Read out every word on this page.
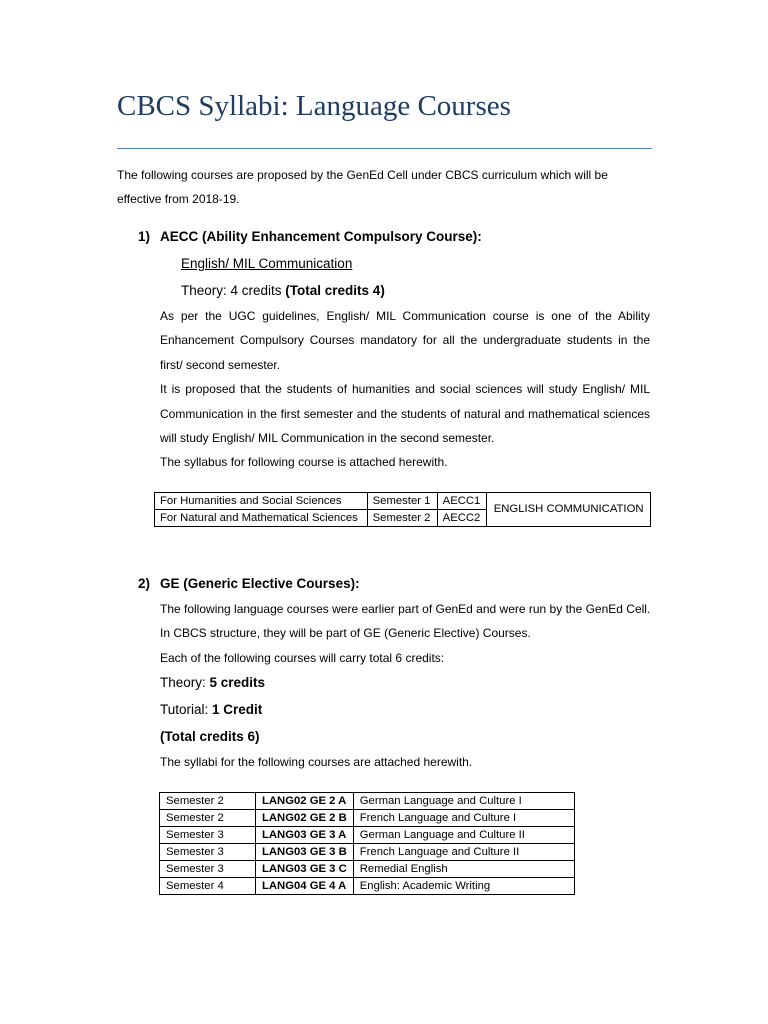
CBCS Syllabi: Language Courses

The following courses are proposed by the GenEd Cell under CBCS curriculum which will be effective from 2018-19.

1) AECC (Ability Enhancement Compulsory Course):
English/ MIL Communication
Theory: 4 credits (Total credits 4)

As per the UGC guidelines, English/ MIL Communication course is one of the Ability Enhancement Compulsory Courses mandatory for all the undergraduate students in the first/ second semester.

It is proposed that the students of humanities and social sciences will study English/ MIL Communication in the first semester and the students of natural and mathematical sciences will study English/ MIL Communication in the second semester.

The syllabus for following course is attached herewith.

For Humanities and Social Sciences	Semester 1	AECC1	ENGLISH COMMUNICATION
For Natural and Mathematical Sciences	Semester 2	AECC2	
2) GE (Generic Elective Courses):

The following language courses were earlier part of GenEd and were run by the GenEd Cell.

In CBCS structure, they will be part of GE (Generic Elective) Courses.

Each of the following courses will carry total 6 credits:

Theory: 5 credits
Tutorial: 1 Credit
(Total credits 6)
The syllabi for the following courses are attached herewith.
Semester 2	LANG02 GE 2 A	German Language and Culture I
Semester 2	LANG02 GE 2 B	French Language and Culture I
Semester 3	LANG03 GE 3 A	German Language and Culture II
Semester 3	LANG03 GE 3 B	French Language and Culture II
Semester 3	LANG03 GE 3 C	Remedial English
Semester 4	LANG04 GE 4 A	English: Academic Writing
